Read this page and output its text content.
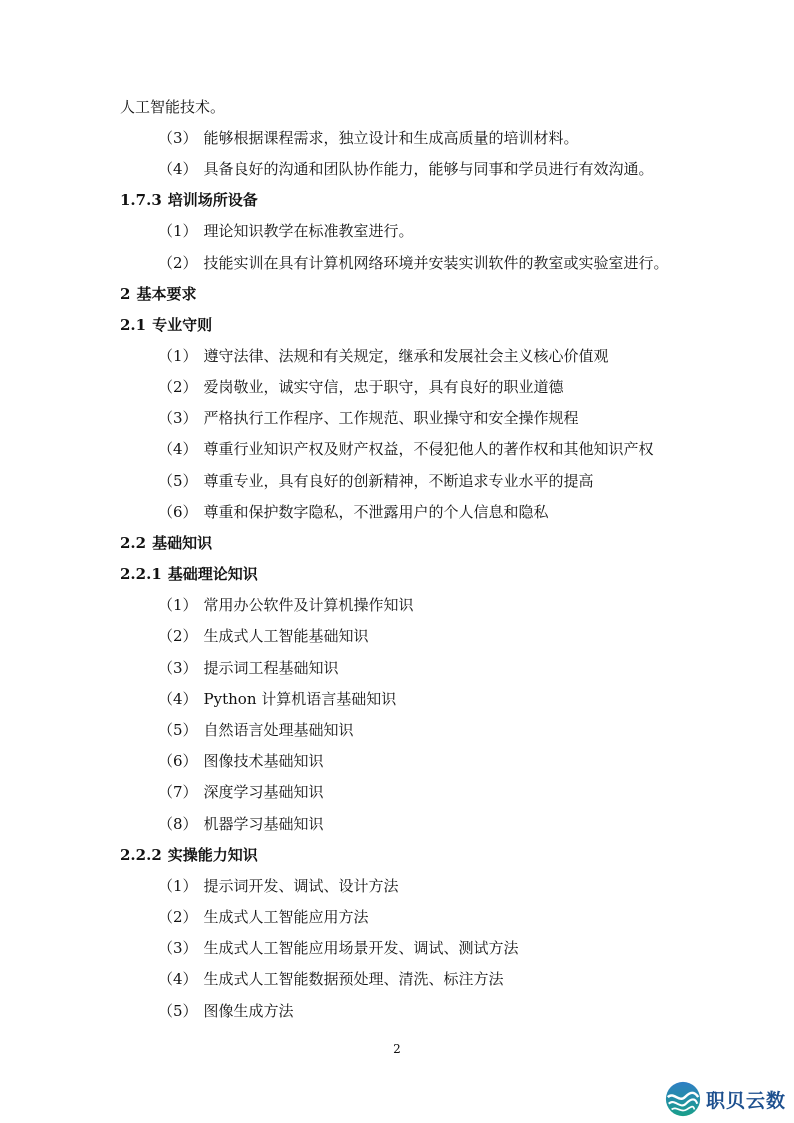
人工智能技术。
（3） 能够根据课程需求，独立设计和生成高质量的培训材料。
（4） 具备良好的沟通和团队协作能力，能够与同事和学员进行有效沟通。
1.7.3 培训场所设备
（1） 理论知识教学在标准教室进行。
（2） 技能实训在具有计算机网络环境并安装实训软件的教室或实验室进行。
2 基本要求
2.1 专业守则
（1） 遵守法律、法规和有关规定，继承和发展社会主义核心价值观
（2） 爱岗敬业，诚实守信，忠于职守，具有良好的职业道德
（3） 严格执行工作程序、工作规范、职业操守和安全操作规程
（4） 尊重行业知识产权及财产权益，不侵犯他人的著作权和其他知识产权
（5） 尊重专业，具有良好的创新精神，不断追求专业水平的提高
（6） 尊重和保护数字隐私，不泄露用户的个人信息和隐私
2.2 基础知识
2.2.1 基础理论知识
（1） 常用办公软件及计算机操作知识
（2） 生成式人工智能基础知识
（3） 提示词工程基础知识
（4） Python 计算机语言基础知识
（5） 自然语言处理基础知识
（6） 图像技术基础知识
（7） 深度学习基础知识
（8） 机器学习基础知识
2.2.2 实操能力知识
（1） 提示词开发、调试、设计方法
（2） 生成式人工智能应用方法
（3） 生成式人工智能应用场景开发、调试、测试方法
（4） 生成式人工智能数据预处理、清洗、标注方法
（5） 图像生成方法
2
职贝云数
